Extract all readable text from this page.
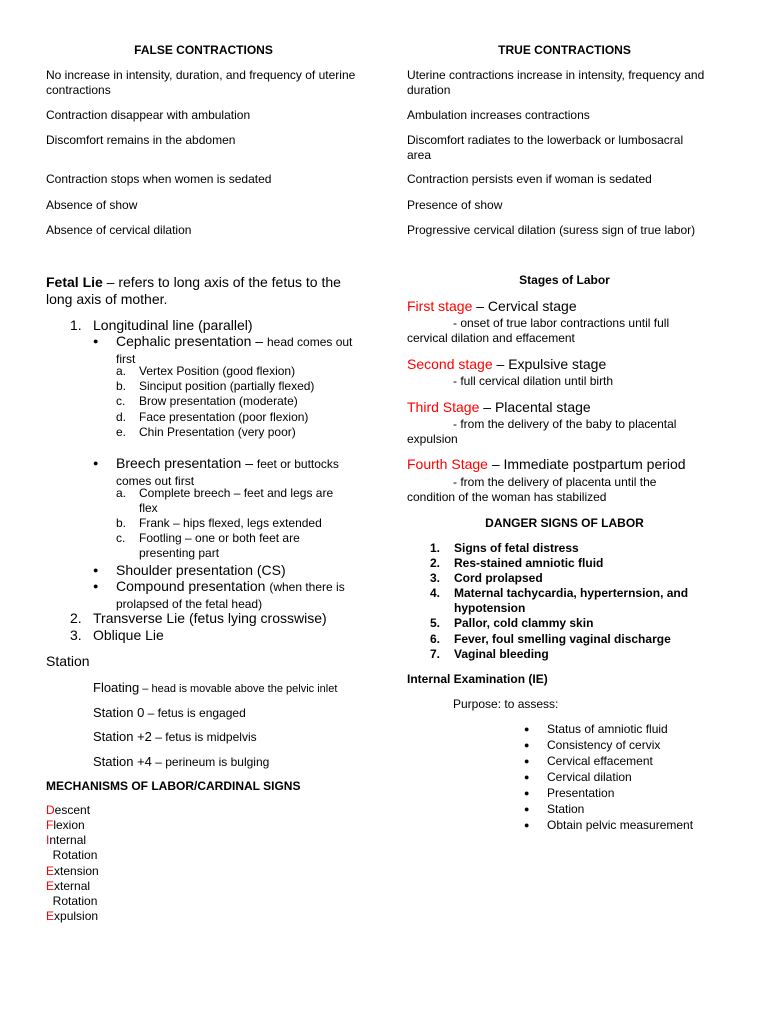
FALSE CONTRACTIONS
No increase in intensity, duration, and frequency of uterine contractions
Contraction disappear with ambulation
Discomfort remains in the abdomen
Contraction stops when women is sedated
Absence of show
Absence of cervical dilation
TRUE CONTRACTIONS
Uterine contractions increase in intensity, frequency and duration
Ambulation increases contractions
Discomfort radiates to the lowerback or lumbosacral area
Contraction persists even if woman is sedated
Presence of show
Progressive cervical dilation (suress sign of true labor)
Fetal Lie – refers to long axis of the fetus to the long axis of mother.
1. Longitudinal line (parallel)
● Cephalic presentation – head comes out first
a. Vertex Position (good flexion)
b. Sinciput position (partially flexed)
c. Brow presentation (moderate)
d. Face presentation (poor flexion)
e. Chin Presentation (very poor)
● Breech presentation – feet or buttocks comes out first
a. Complete breech – feet and legs are flex
b. Frank – hips flexed, legs extended
c. Footling – one or both feet are presenting part
● Shoulder presentation (CS)
● Compound presentation (when there is prolapsed of the fetal head)
2. Transverse Lie (fetus lying crosswise)
3. Oblique Lie
Station
Floating – head is movable above the pelvic inlet
Station 0 – fetus is engaged
Station +2 – fetus is midpelvis
Station +4 – perineum is bulging
MECHANISMS OF LABOR/CARDINAL SIGNS
Descent
Flexion
Internal
Rotation
Extension
External
Rotation
Expulsion
Stages of Labor
First stage – Cervical stage
- onset of true labor contractions until full
cervical dilation and effacement
Second stage – Expulsive stage
- full cervical dilation until birth
Third Stage – Placental stage
- from the delivery of the baby to placental
expulsion
Fourth Stage – Immediate postpartum period
- from the delivery of placenta until the
condition of the woman has stabilized
DANGER SIGNS OF LABOR
1. Signs of fetal distress
2. Res-stained amniotic fluid
3. Cord prolapsed
4. Maternal tachycardia, hyperternsion, and hypotension
5. Pallor, cold clammy skin
6. Fever, foul smelling vaginal discharge
7. Vaginal bleeding
Internal Examination (IE)
Purpose: to assess:
● Status of amniotic fluid
● Consistency of cervix
● Cervical effacement
● Cervical dilation
● Presentation
● Station
● Obtain pelvic measurement
